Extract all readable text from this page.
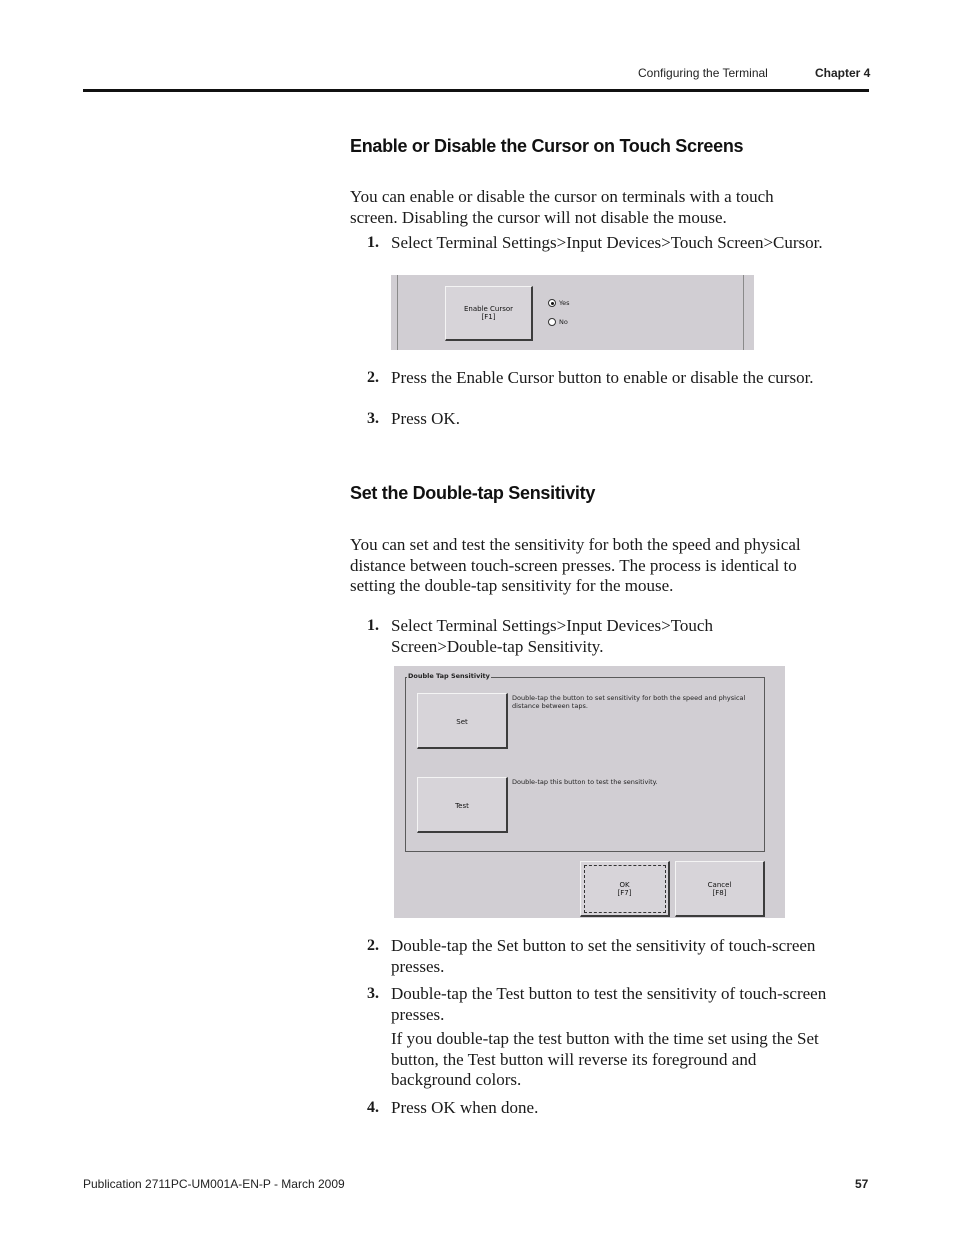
Configuring the Terminal	Chapter 4
Enable or Disable the Cursor on Touch Screens
You can enable or disable the cursor on terminals with a touch
screen. Disabling the cursor will not disable the mouse.
1. Select Terminal Settings>Input Devices>Touch Screen>Cursor.
Enable Cursor
[F1]
Yes
No
2. Press the Enable Cursor button to enable or disable the cursor.
3. Press OK.
Set the Double-tap Sensitivity
You can set and test the sensitivity for both the speed and physical
distance between touch-screen presses. The process is identical to
setting the double-tap sensitivity for the mouse.
1. Select Terminal Settings>Input Devices>Touch
Screen>Double-tap Sensitivity.
Double Tap Sensitivity
Set
Double-tap the button to set sensitivity for both the speed and physical
distance between taps.
Test
Double-tap this button to test the sensitivity.
OK
[F7]
Cancel
[F8]
2. Double-tap the Set button to set the sensitivity of touch-screen
presses.
3. Double-tap the Test button to test the sensitivity of touch-screen
presses.
If you double-tap the test button with the time set using the Set
button, the Test button will reverse its foreground and
background colors.
4. Press OK when done.
Publication 2711PC-UM001A-EN-P - March 2009	57
